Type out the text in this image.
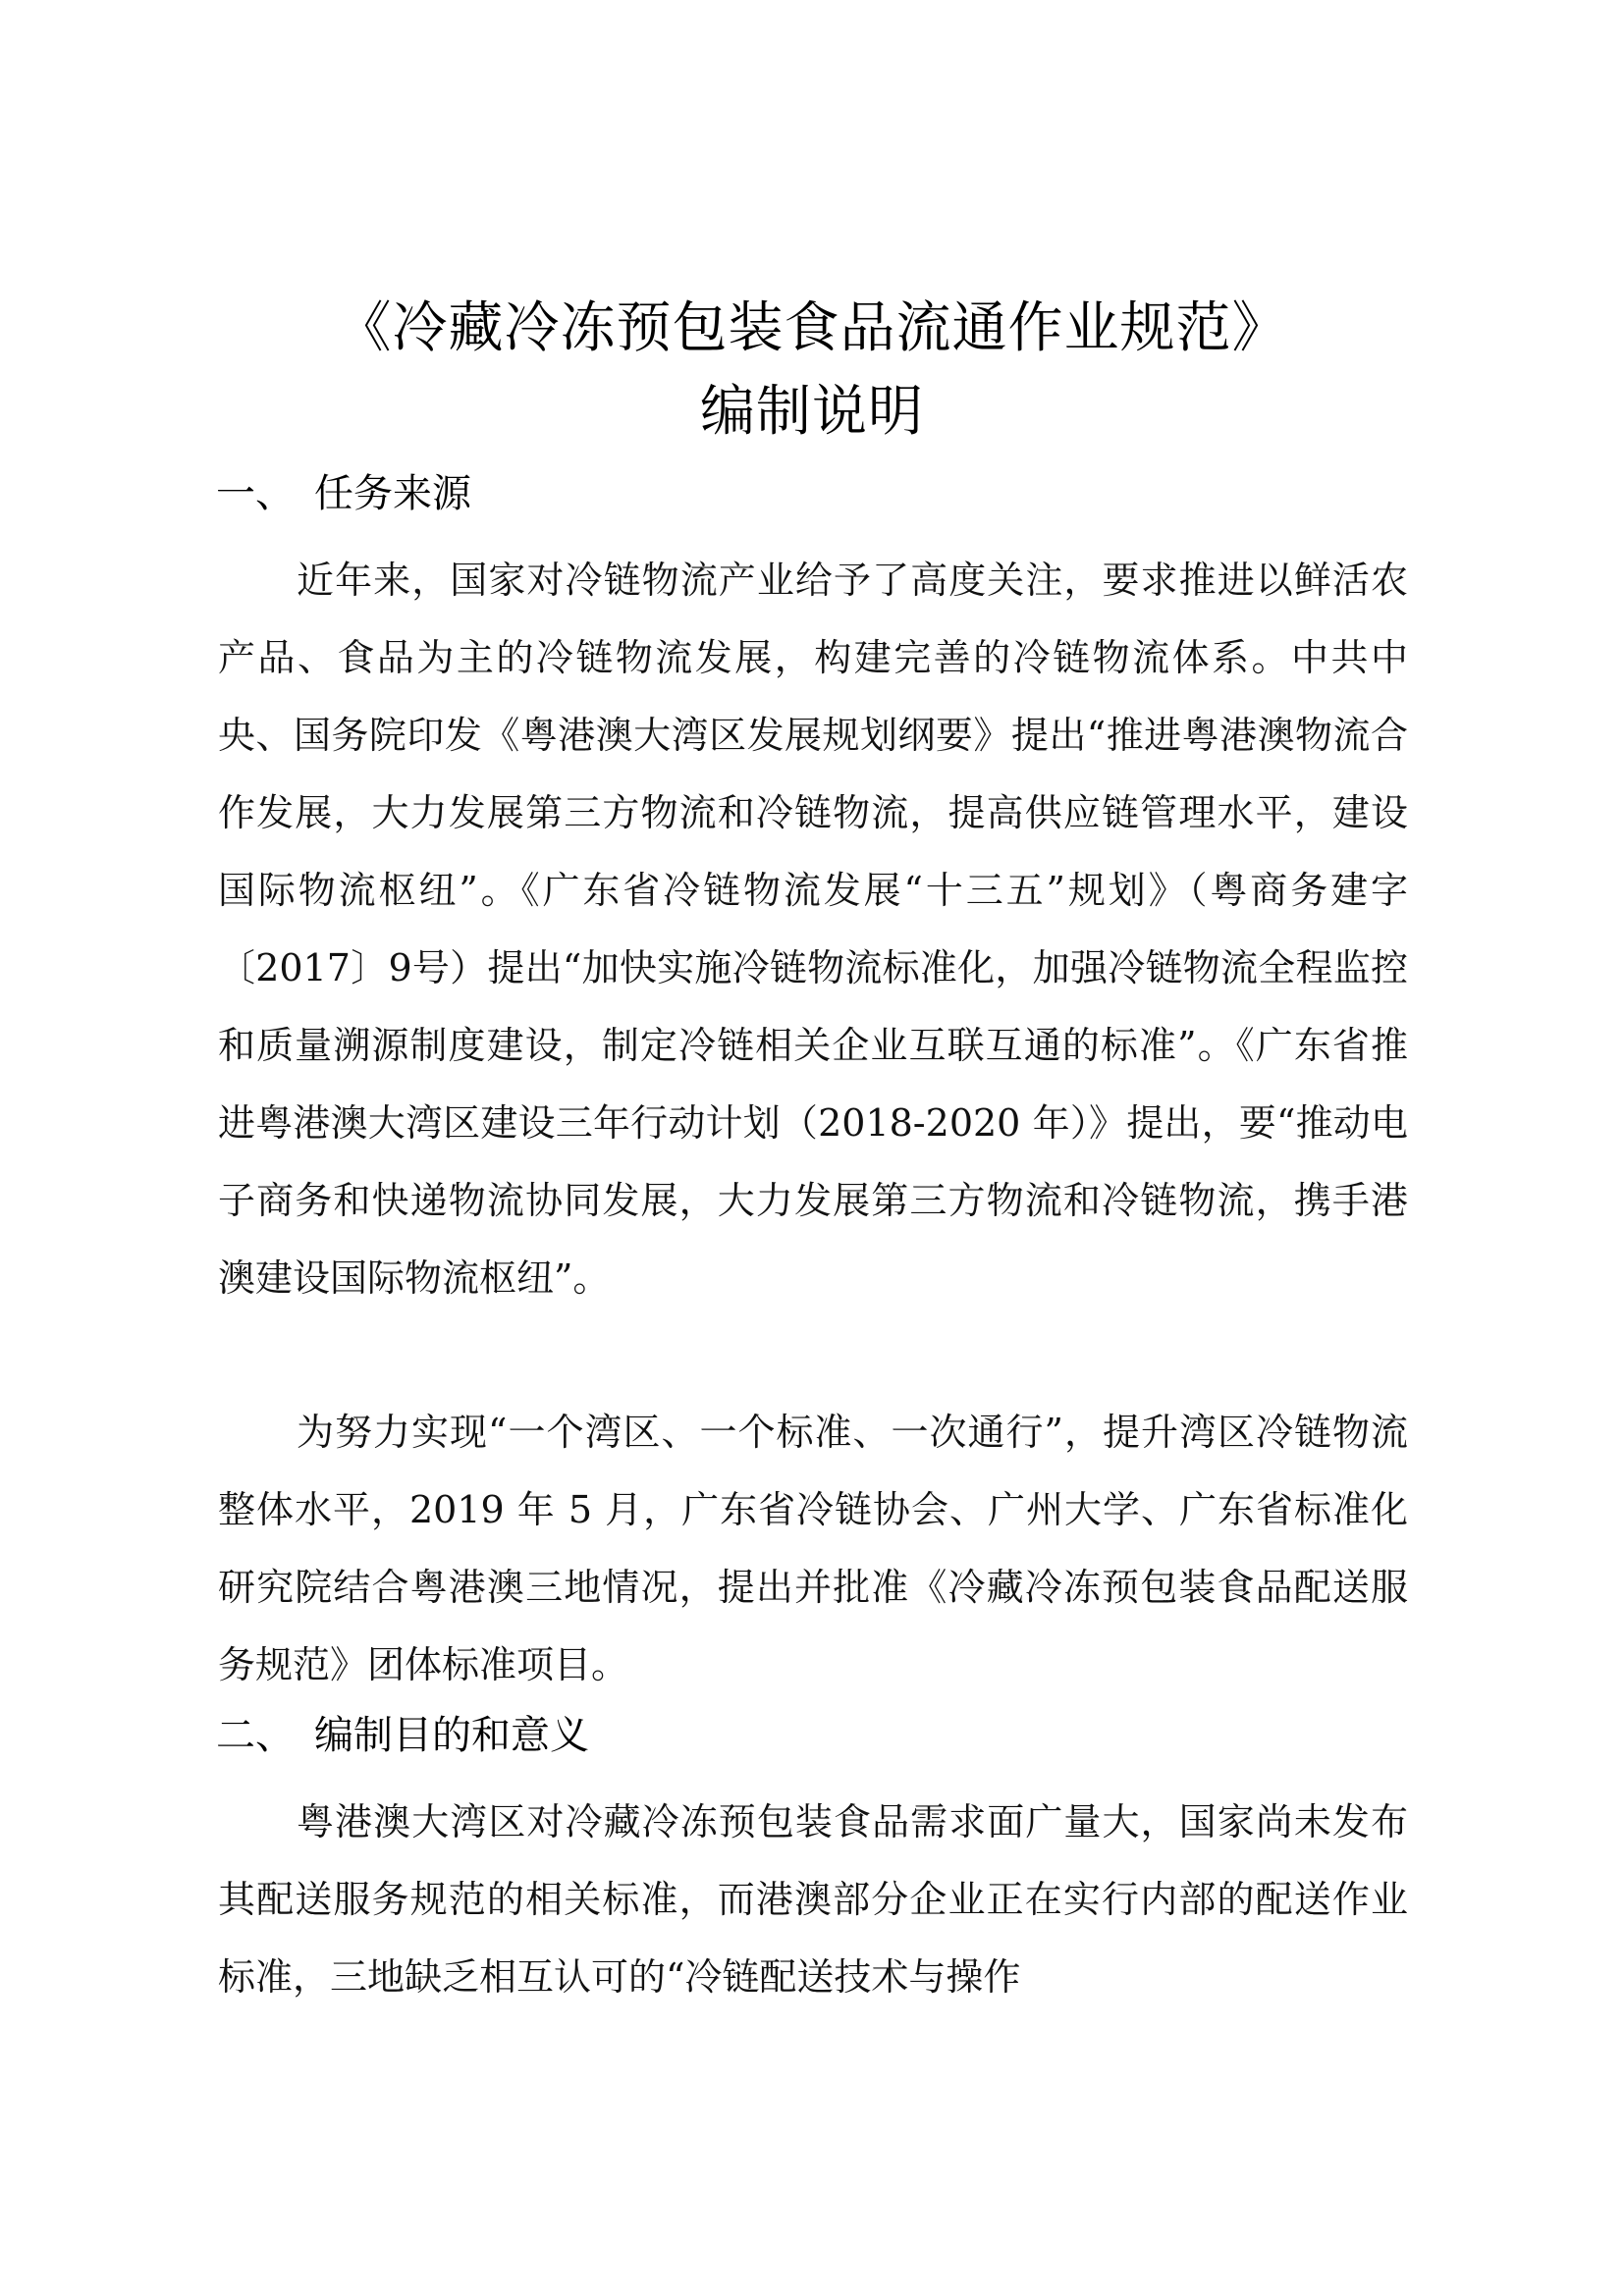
《冷藏冷冻预包装食品流通作业规范》
编制说明
一、 任务来源

近年来，国家对冷链物流产业给予了高度关注，要求推进以鲜活农产品、食品为主的冷链物流发展，构建完善的冷链物流体系。中共中央、国务院印发《粤港澳大湾区发展规划纲要》提出“推进粤港澳物流合作发展，大力发展第三方物流和冷链物流，提高供应链管理水平，建设国际物流枢纽”。《广东省冷链物流发展“十三五”规划》（粤商务建字〔2017〕9号）提出“加快实施冷链物流标准化，加强冷链物流全程监控和质量溯源制度建设，制定冷链相关企业互联互通的标准”。《广东省推进粤港澳大湾区建设三年行动计划（2018-2020 年）》提出，要“推动电子商务和快递物流协同发展，大力发展第三方物流和冷链物流，携手港澳建设国际物流枢纽”。

为努力实现“一个湾区、一个标准、一次通行”，提升湾区冷链物流整体水平，2019 年 5 月，广东省冷链协会、广州大学、广东省标准化研究院结合粤港澳三地情况，提出并批准《冷藏冷冻预包装食品配送服务规范》团体标准项目。

二、 编制目的和意义

粤港澳大湾区对冷藏冷冻预包装食品需求面广量大，国家尚未发布其配送服务规范的相关标准，而港澳部分企业正在实行内部的配送作业标准，三地缺乏相互认可的“冷链配送技术与操作
